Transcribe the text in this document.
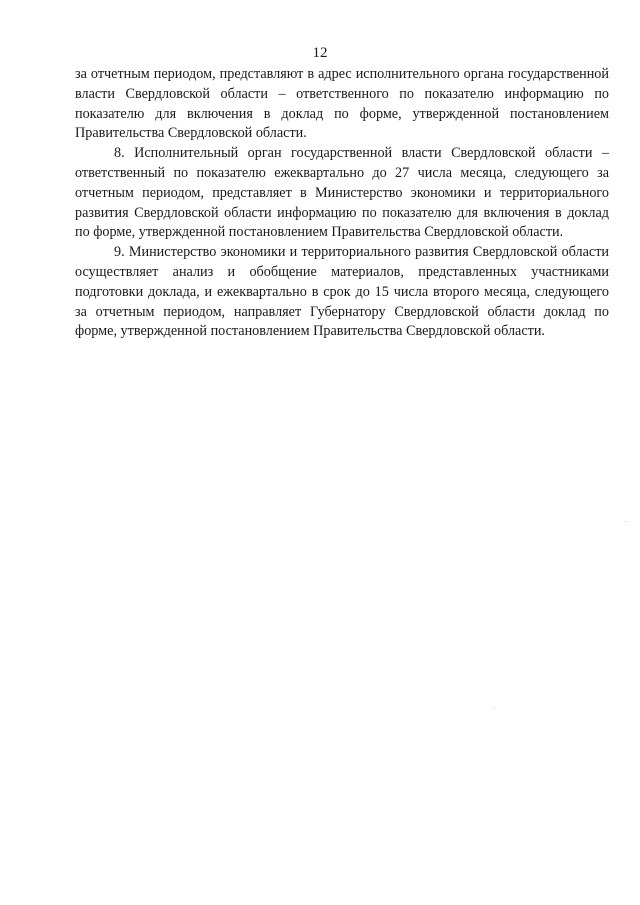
12

за отчетным периодом, представляют в адрес исполнительного органа государственной власти Свердловской области – ответственного по показателю информацию по показателю для включения в доклад по форме, утвержденной постановлением Правительства Свердловской области.

8. Исполнительный орган государственной власти Свердловской области – ответственный по показателю ежеквартально до 27 числа месяца, следующего за отчетным периодом, представляет в Министерство экономики и территориального развития Свердловской области информацию по показателю для включения в доклад по форме, утвержденной постановлением Правительства Свердловской области.

9. Министерство экономики и территориального развития Свердловской области осуществляет анализ и обобщение материалов, представленных участниками подготовки доклада, и ежеквартально в срок до 15 числа второго месяца, следующего за отчетным периодом, направляет Губернатору Свердловской области доклад по форме, утвержденной постановлением Правительства Свердловской области.
